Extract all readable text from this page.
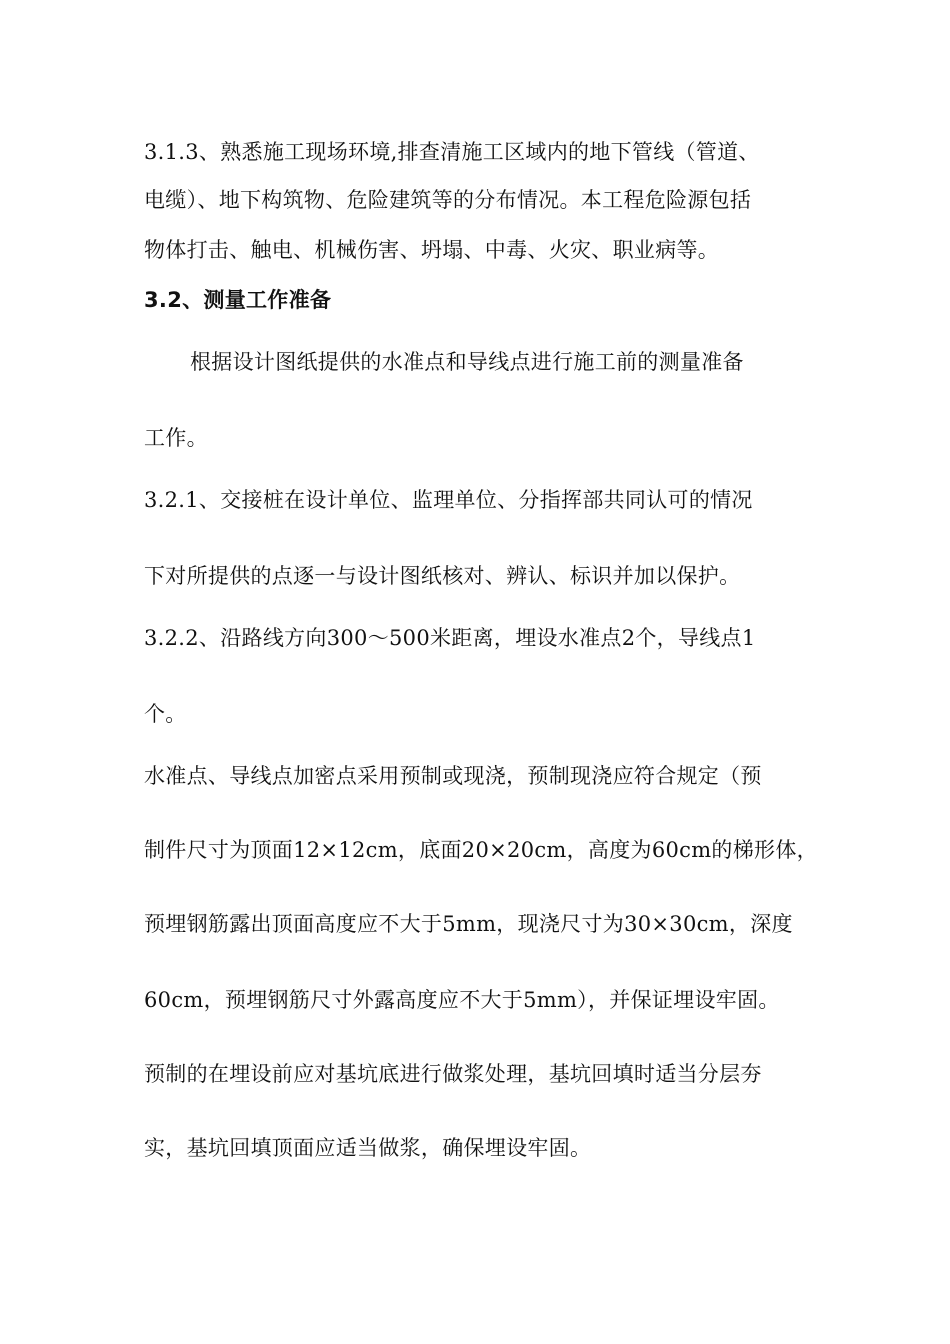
3.1.3、熟悉施工现场环境,排查清施工区域内的地下管线（管道、
电缆）、地下构筑物、危险建筑等的分布情况。本工程危险源包括
物体打击、触电、机械伤害、坍塌、中毒、火灾、职业病等。
3.2、测量工作准备
根据设计图纸提供的水准点和导线点进行施工前的测量准备
工作。
3.2.1、交接桩在设计单位、监理单位、分指挥部共同认可的情况
下对所提供的点逐一与设计图纸核对、辨认、标识并加以保护。
3.2.2、沿路线方向300～500米距离，埋设水准点2个，导线点1
个。
水准点、导线点加密点采用预制或现浇，预制现浇应符合规定（预
制件尺寸为顶面12×12cm，底面20×20cm，高度为60cm的梯形体，
预埋钢筋露出顶面高度应不大于5mm，现浇尺寸为30×30cm，深度
60cm，预埋钢筋尺寸外露高度应不大于5mm），并保证埋设牢固。
预制的在埋设前应对基坑底进行做浆处理，基坑回填时适当分层夯
实，基坑回填顶面应适当做浆，确保埋设牢固。
